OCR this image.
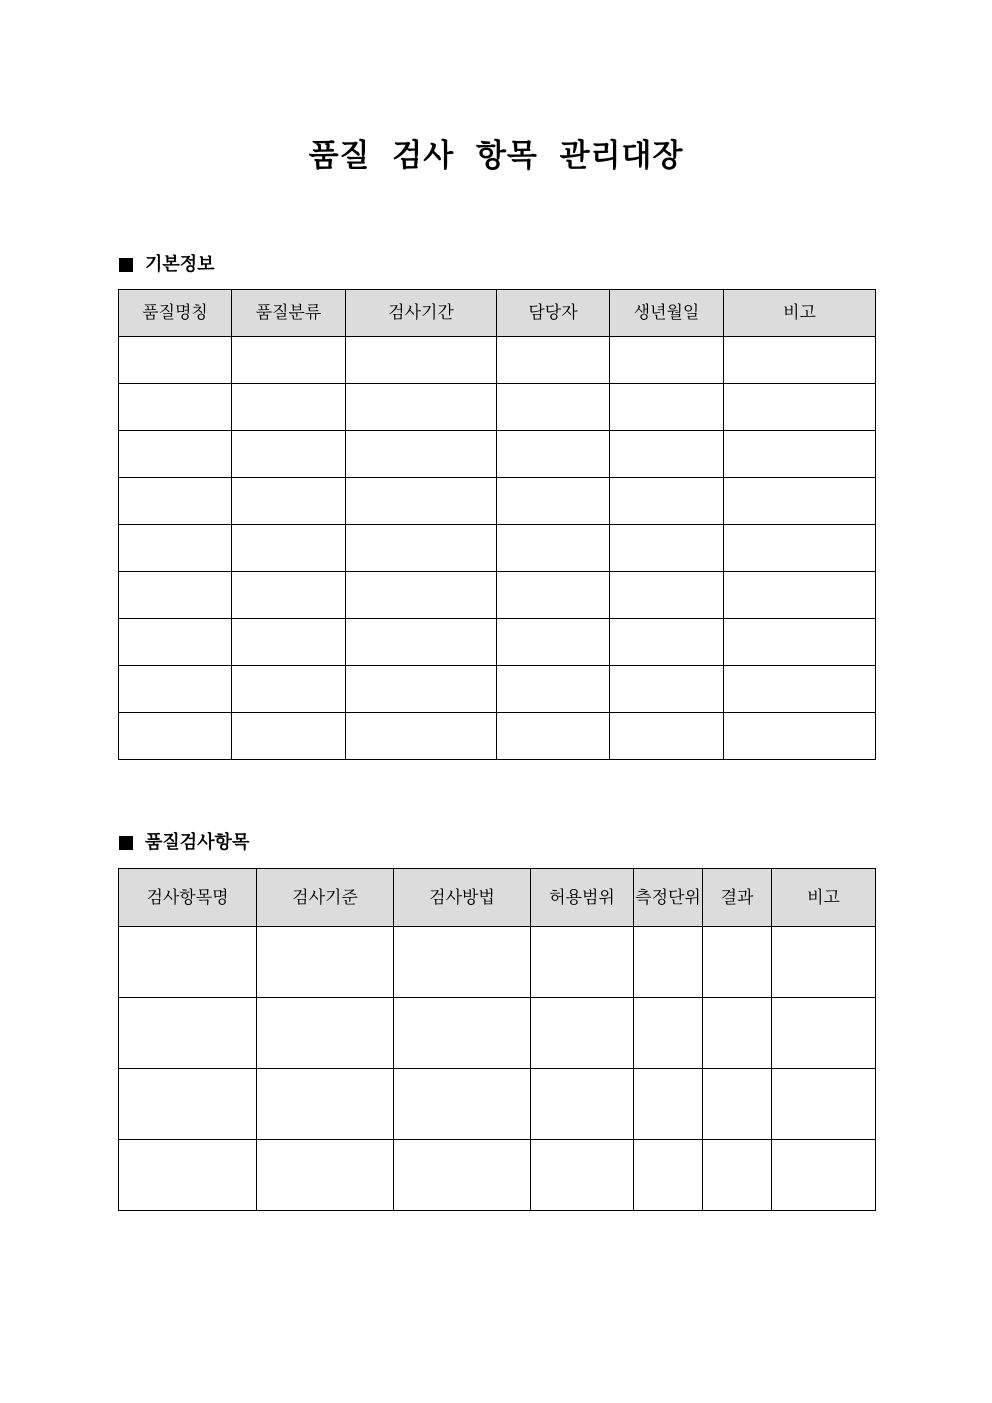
품질 검사 항목 관리대장
기본정보
품질명칭	품질분류	검사기간	담당자	생년월일	비고

품질검사항목
검사항목명	검사기준	검사방법	허용범위	측정단위	결과	비고
